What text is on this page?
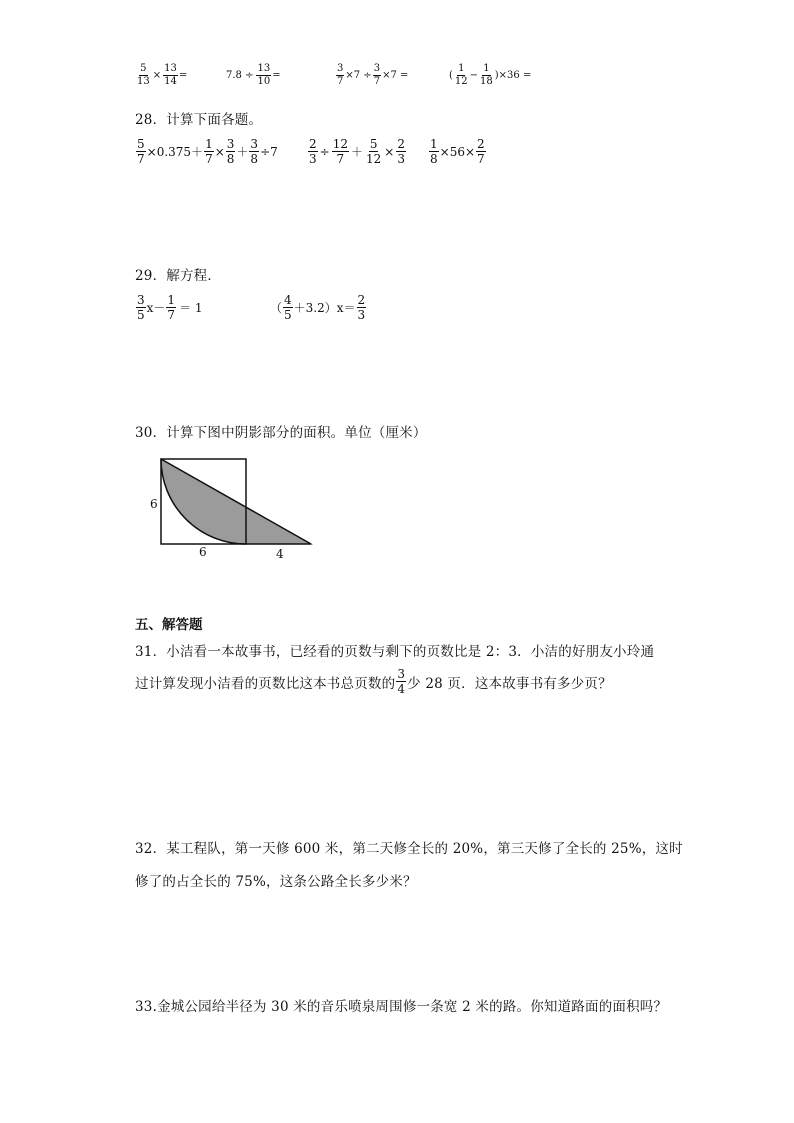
$\frac{5}{13} \times \frac{13}{14}$ =	$7.8 \div \frac{13}{10}$ =	$\frac{3}{7} \times 7 \div \frac{3}{7} \times 7$ =	( $\frac{1}{12} - \frac{1}{18} )\times 36$ =
28．计算下面各题。
$\frac{5}{7} \times 0.375+ \frac{1}{7} \times \frac{3}{8} + \frac{3}{8} \div 7$	$\frac{2}{3} \div \frac{12}{7} + \frac{5}{12} \times \frac{2}{3} \frac{1}{8} \times 56\times \frac{2}{7}$
29．解方程．
$\frac{3}{5} x- \frac{1}{7} = 1$	（ $\frac{4}{5} +3.2)x= \frac{2}{3}$
30．计算下图中阴影部分的面积。单位（厘米）
6
6	4
五、解答题
31．小洁看一本故事书，已经看的页数与剩下的页数比是 2：3．小洁的好朋友小玲通
过计算发现小洁看的页数比这本书总页数的 $\frac{3}{4}$ 少 28 页．这本故事书有多少页？
32．某工程队，第一天修 600 米，第二天修全长的 20%，第三天修了全长的 25%，这时
修了的占全长的 75%，这条公路全长多少米？
33.金城公园给半径为 30 米的音乐喷泉周围修一条宽 2 米的路。你知道路面的面积吗？
